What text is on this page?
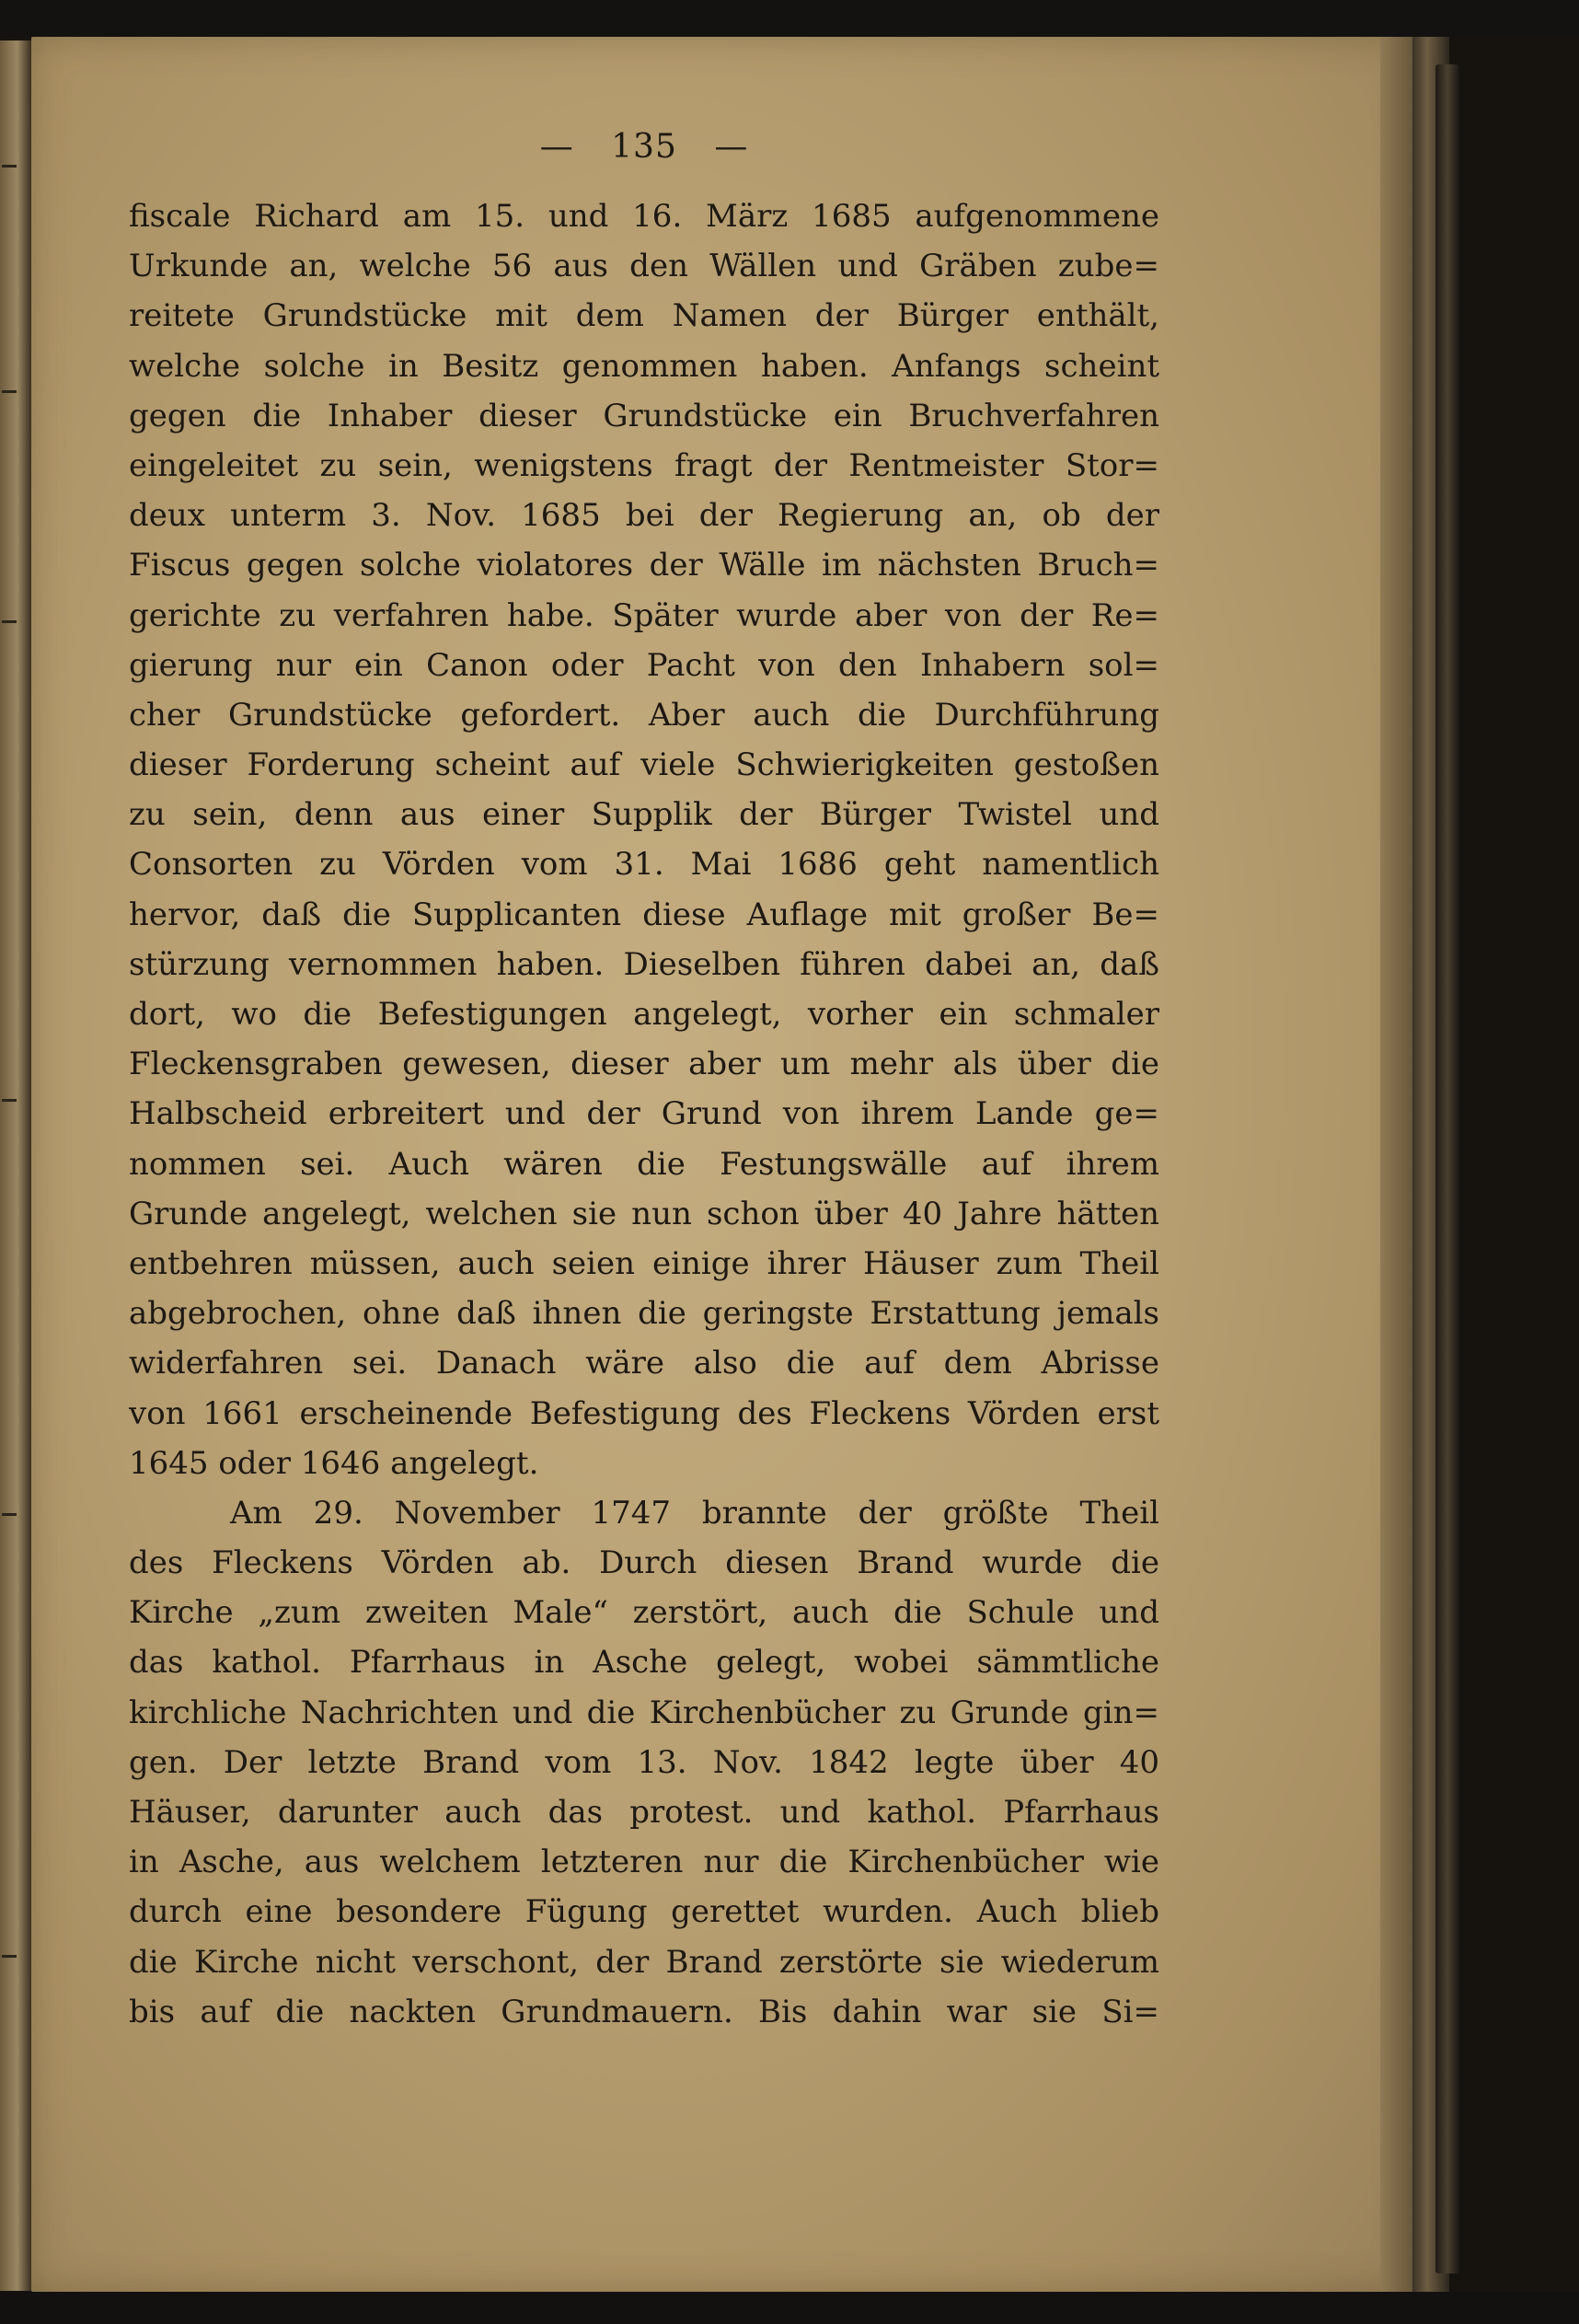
— 135 —
fiscale Richard am 15. und 16. März 1685 aufgenommene
Urkunde an, welche 56 aus den Wällen und Gräben zube=
reitete Grundstücke mit dem Namen der Bürger enthält,
welche solche in Besitz genommen haben. Anfangs scheint
gegen die Inhaber dieser Grundstücke ein Bruchverfahren
eingeleitet zu sein, wenigstens fragt der Rentmeister Stor=
deux unterm 3. Nov. 1685 bei der Regierung an, ob der
Fiscus gegen solche violatores der Wälle im nächsten Bruch=
gerichte zu verfahren habe. Später wurde aber von der Re=
gierung nur ein Canon oder Pacht von den Inhabern sol=
cher Grundstücke gefordert. Aber auch die Durchführung
dieser Forderung scheint auf viele Schwierigkeiten gestoßen
zu sein, denn aus einer Supplik der Bürger Twistel und
Consorten zu Vörden vom 31. Mai 1686 geht namentlich
hervor, daß die Supplicanten diese Auflage mit großer Be=
stürzung vernommen haben. Dieselben führen dabei an, daß
dort, wo die Befestigungen angelegt, vorher ein schmaler
Fleckensgraben gewesen, dieser aber um mehr als über die
Halbscheid erbreitert und der Grund von ihrem Lande ge=
nommen sei. Auch wären die Festungswälle auf ihrem
Grunde angelegt, welchen sie nun schon über 40 Jahre hätten
entbehren müssen, auch seien einige ihrer Häuser zum Theil
abgebrochen, ohne daß ihnen die geringste Erstattung jemals
widerfahren sei. Danach wäre also die auf dem Abrisse
von 1661 erscheinende Befestigung des Fleckens Vörden erst
1645 oder 1646 angelegt.
Am 29. November 1747 brannte der größte Theil
des Fleckens Vörden ab. Durch diesen Brand wurde die
Kirche „zum zweiten Male“ zerstört, auch die Schule und
das kathol. Pfarrhaus in Asche gelegt, wobei sämmtliche
kirchliche Nachrichten und die Kirchenbücher zu Grunde gin=
gen. Der letzte Brand vom 13. Nov. 1842 legte über 40
Häuser, darunter auch das protest. und kathol. Pfarrhaus
in Asche, aus welchem letzteren nur die Kirchenbücher wie
durch eine besondere Fügung gerettet wurden. Auch blieb
die Kirche nicht verschont, der Brand zerstörte sie wiederum
bis auf die nackten Grundmauern. Bis dahin war sie Si=
